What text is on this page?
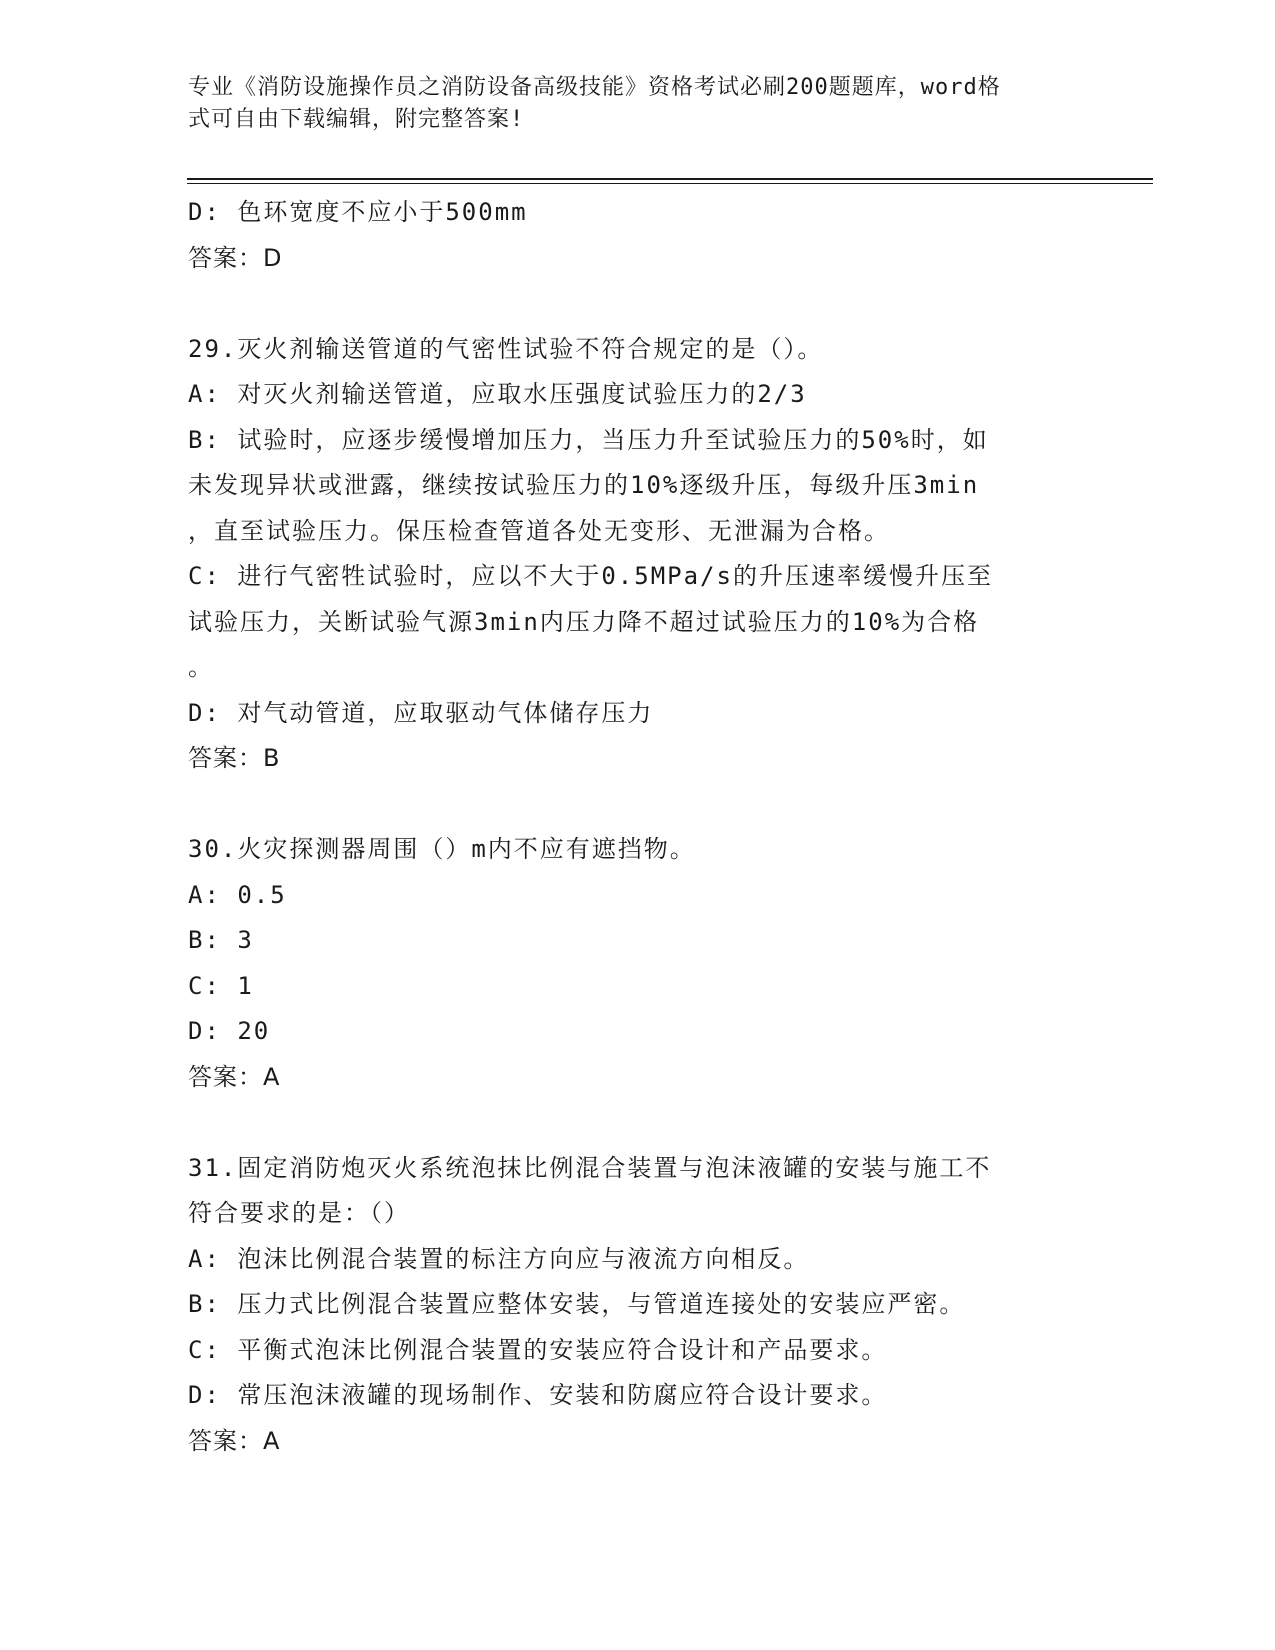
专业《消防设施操作员之消防设备高级技能》资格考试必刷200题题库，word格
式可自由下载编辑，附完整答案!
D: 色环宽度不应小于500mm
答案：D
29.灭火剂输送管道的气密性试验不符合规定的是（）。
A: 对灭火剂输送管道，应取水压强度试验压力的2/3
B: 试验时，应逐步缓慢增加压力，当压力升至试验压力的50%时，如
未发现异状或泄露，继续按试验压力的10%逐级升压，每级升压3min
，直至试验压力。保压检查管道各处无变形、无泄漏为合格。
C: 进行气密牲试验时，应以不大于0.5MPa/s的升压速率缓慢升压至
试验压力，关断试验气源3min内压力降不超过试验压力的10%为合格
。
D: 对气动管道，应取驱动气体储存压力
答案：B
30.火灾探测器周围（）m内不应有遮挡物。
A: 0.5
B: 3
C: 1
D: 20
答案：A
31.固定消防炮灭火系统泡抹比例混合装置与泡沫液罐的安装与施工不
符合要求的是：（）
A: 泡沫比例混合装置的标注方向应与液流方向相反。
B: 压力式比例混合装置应整体安装，与管道连接处的安装应严密。
C: 平衡式泡沫比例混合装置的安装应符合设计和产品要求。
D: 常压泡沫液罐的现场制作、安装和防腐应符合设计要求。
答案：A
